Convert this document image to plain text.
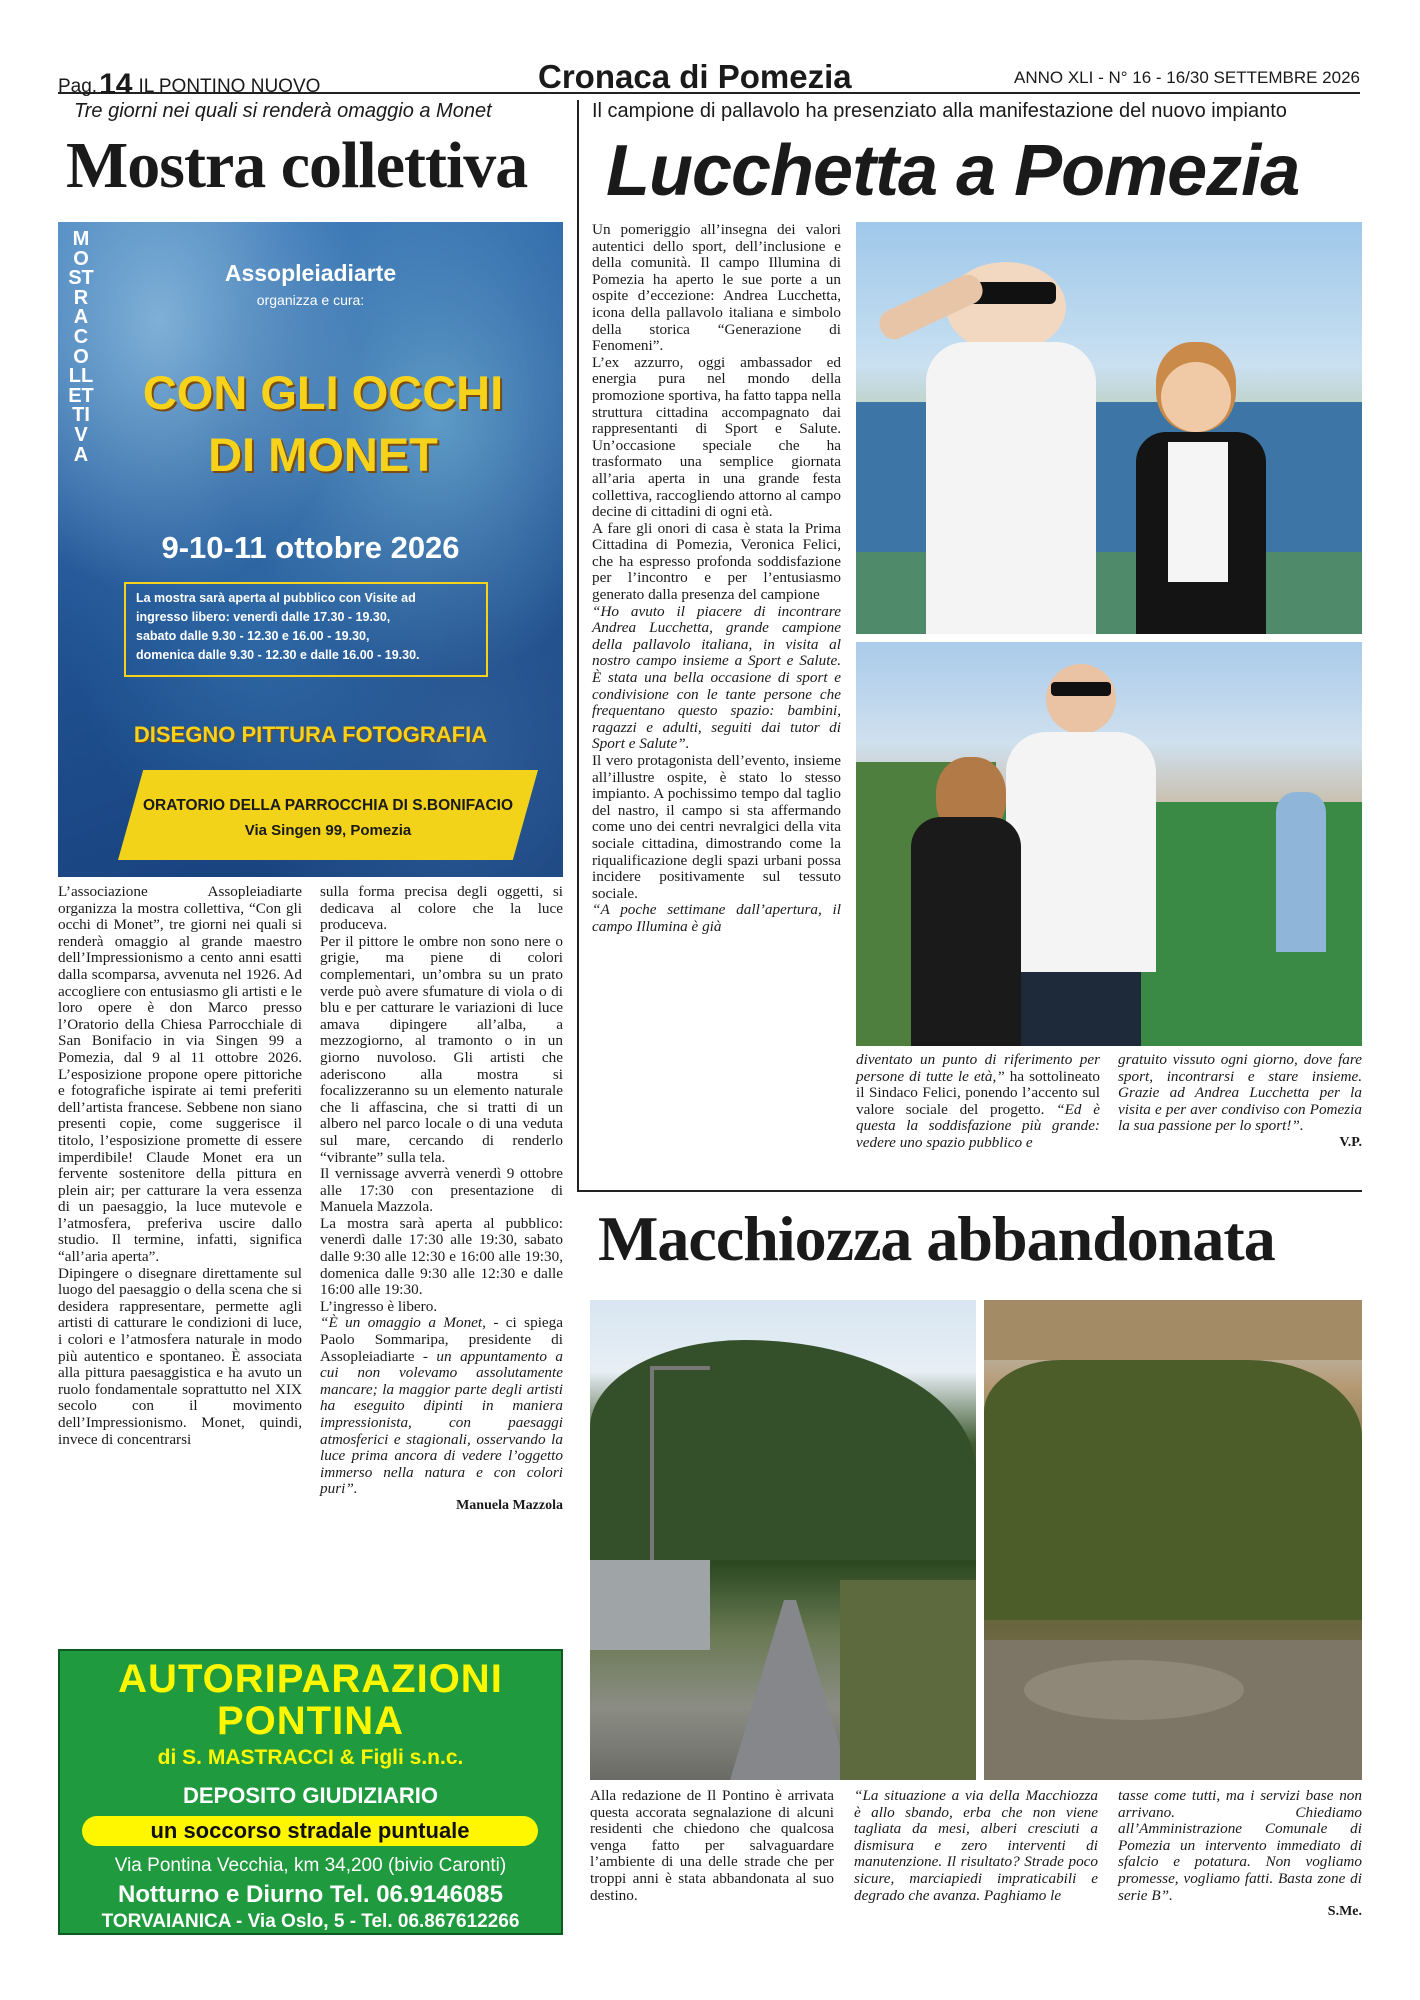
Pag.14 IL PONTINO NUOVO	Cronaca di Pomezia	ANNO XLI - N° 16 - 16/30 SETTEMBRE 2026
Tre giorni nei quali si renderà omaggio a Monet
Mostra collettiva
MOSTRA COLLETTIVA
Assopleiadiarte
organizza e cura:
CON GLI OCCHI
DI MONET
9-10-11 ottobre 2026
La mostra sarà aperta al pubblico con Visite ad
ingresso libero: venerdì dalle 17.30 - 19.30,
sabato dalle 9.30 - 12.30 e 16.00 - 19.30,
domenica dalle 9.30 - 12.30 e dalle 16.00 - 19.30.
DISEGNO PITTURA FOTOGRAFIA
ORATORIO DELLA PARROCCHIA DI S.BONIFACIO
Via Singen 99, Pomezia

L’associazione Assopleiadiarte organizza la mostra collettiva, “Con gli occhi di Monet”, tre giorni nei quali si renderà omaggio al grande maestro dell’Impressionismo a cento anni esatti dalla scomparsa, avvenuta nel 1926. Ad accogliere con entusiasmo gli artisti e le loro opere è don Marco presso l’Oratorio della Chiesa Parrocchiale di San Bonifacio in via Singen 99 a Pomezia, dal 9 al 11 ottobre 2026. L’esposizione propone opere pittoriche e fotografiche ispirate ai temi preferiti dell’artista francese. Sebbene non siano presenti copie, come suggerisce il titolo, l’esposizione promette di essere imperdibile! Claude Monet era un fervente sostenitore della pittura en plein air; per catturare la vera essenza di un paesaggio, la luce mutevole e l’atmosfera, preferiva uscire dallo studio. Il termine, infatti, significa “all’aria aperta”.

Dipingere o disegnare direttamente sul luogo del paesaggio o della scena che si desidera rappresentare, permette agli artisti di catturare le condizioni di luce, i colori e l’atmosfera naturale in modo più autentico e spontaneo. È associata alla pittura paesaggistica e ha avuto un ruolo fondamentale soprattutto nel XIX secolo con il movimento dell’Impressionismo. Monet, quindi, invece di concentrarsi

sulla forma precisa degli oggetti, si dedicava al colore che la luce produceva.

Per il pittore le ombre non sono nere o grigie, ma piene di colori complementari, un’ombra su un prato verde può avere sfumature di viola o di blu e per catturare le variazioni di luce amava dipingere all’alba, a mezzogiorno, al tramonto o in un giorno nuvoloso. Gli artisti che aderiscono alla mostra si focalizzeranno su un elemento naturale che li affascina, che si tratti di un albero nel parco locale o di una veduta sul mare, cercando di renderlo “vibrante” sulla tela.

Il vernissage avverrà venerdì 9 ottobre alle 17:30 con presentazione di Manuela Mazzola.

La mostra sarà aperta al pubblico: venerdì dalle 17:30 alle 19:30, sabato dalle 9:30 alle 12:30 e 16:00 alle 19:30, domenica dalle 9:30 alle 12:30 e dalle 16:00 alle 19:30.

L’ingresso è libero.

“È un omaggio a Monet, - ci spiega Paolo Sommaripa, presidente di Assopleiadiarte - un appuntamento a cui non volevamo assolutamente mancare; la maggior parte degli artisti ha eseguito dipinti in maniera impressionista, con paesaggi atmosferici e stagionali, osservando la luce prima ancora di vedere l’oggetto immerso nella natura e con colori puri”.

Manuela Mazzola
AUTORIPARAZIONI
PONTINA
di S. MASTRACCI & Figli s.n.c.
DEPOSITO GIUDIZIARIO
un soccorso stradale puntuale
Via Pontina Vecchia, km 34,200 (bivio Caronti)
Notturno e Diurno Tel. 06.9146085
TORVAIANICA - Via Oslo, 5 - Tel. 06.867612266
Il campione di pallavolo ha presenziato alla manifestazione del nuovo impianto
Lucchetta a Pomezia

Un pomeriggio all’insegna dei valori autentici dello sport, dell’inclusione e della comunità. Il campo Illumina di Pomezia ha aperto le sue porte a un ospite d’eccezione: Andrea Lucchetta, icona della pallavolo italiana e simbolo della storica “Generazione di Fenomeni”.

L’ex azzurro, oggi ambassador ed energia pura nel mondo della promozione sportiva, ha fatto tappa nella struttura cittadina accompagnato dai rappresentanti di Sport e Salute. Un’occasione speciale che ha trasformato una semplice giornata all’aria aperta in una grande festa collettiva, raccogliendo attorno al campo decine di cittadini di ogni età.

A fare gli onori di casa è stata la Prima Cittadina di Pomezia, Veronica Felici, che ha espresso profonda soddisfazione per l’incontro e per l’entusiasmo generato dalla presenza del campione

“Ho avuto il piacere di incontrare Andrea Lucchetta, grande campione della pallavolo italiana, in visita al nostro campo insieme a Sport e Salute. È stata una bella occasione di sport e condivisione con le tante persone che frequentano questo spazio: bambini, ragazzi e adulti, seguiti dai tutor di Sport e Salute”.

Il vero protagonista dell’evento, insieme all’illustre ospite, è stato lo stesso impianto. A pochissimo tempo dal taglio del nastro, il campo si sta affermando come uno dei centri nevralgici della vita sociale cittadina, dimostrando come la riqualificazione degli spazi urbani possa incidere positivamente sul tessuto sociale.

“A poche settimane dall’apertura, il campo Illumina è già

diventato un punto di riferimento per persone di tutte le età,” ha sottolineato il Sindaco Felici, ponendo l’accento sul valore sociale del progetto. “Ed è questa la soddisfazione più grande: vedere uno spazio pubblico e

gratuito vissuto ogni giorno, dove fare sport, incontrarsi e stare insieme. Grazie ad Andrea Lucchetta per la visita e per aver condiviso con Pomezia la sua passione per lo sport!”.

V.P.
Macchiozza abbandonata

Alla redazione de Il Pontino è arrivata questa accorata segnalazione di alcuni residenti che chiedono che qualcosa venga fatto per salvaguardare l’ambiente di una delle strade che per troppi anni è stata abbandonata al suo destino.

“La situazione a via della Macchiozza è allo sbando, erba che non viene tagliata da mesi, alberi cresciuti a dismisura e zero interventi di manutenzione. Il risultato? Strade poco sicure, marciapiedi impraticabili e degrado che avanza. Paghiamo le

tasse come tutti, ma i servizi base non arrivano. Chiediamo all’Amministrazione Comunale di Pomezia un intervento immediato di sfalcio e potatura. Non vogliamo promesse, vogliamo fatti. Basta zone di serie B”.

S.Me.
